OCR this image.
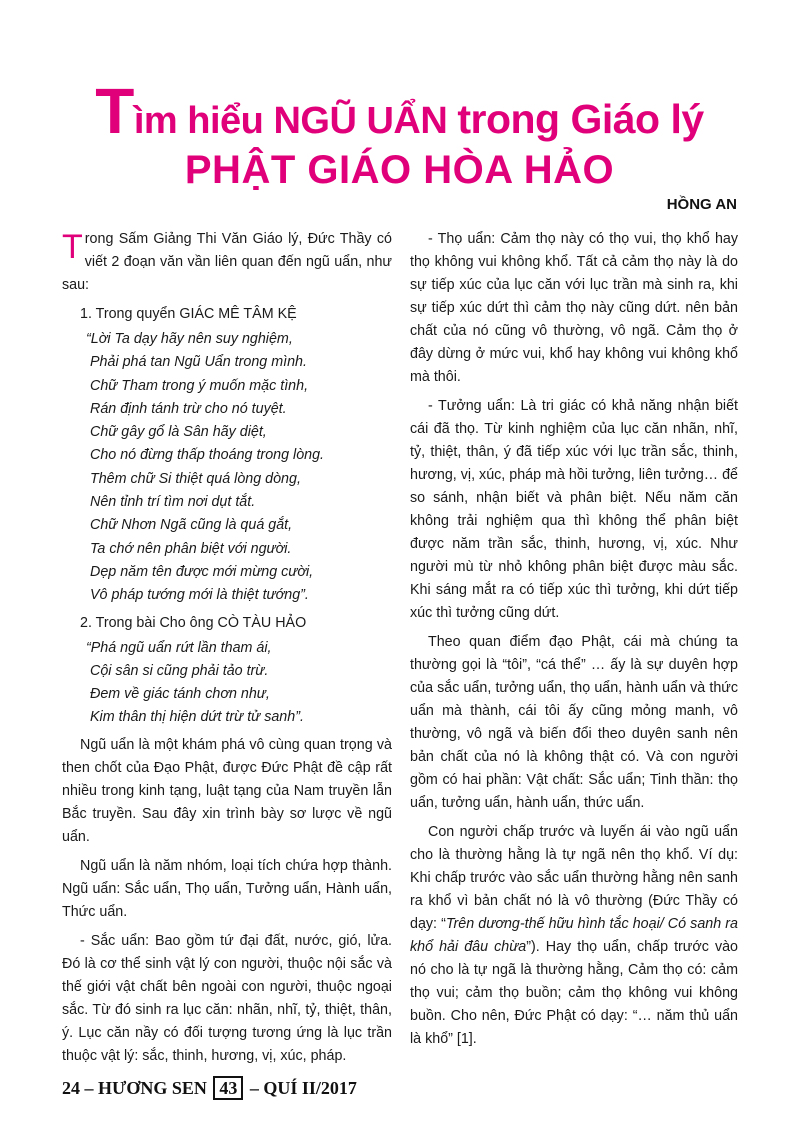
Tìm hiểu NGŨ UẨN trong Giáo lý
PHẬT GIÁO HÒA HẢO
HỒNG AN

Trong Sấm Giảng Thi Văn Giáo lý, Đức Thầy có viết 2 đoạn văn vần liên quan đến ngũ uẩn, như sau:

1. Trong quyển GIÁC MÊ TÂM KỆ
“Lời Ta dạy hãy nên suy nghiệm,
Phải phá tan Ngũ Uẩn trong mình.
Chữ Tham trong ý muốn mặc tình,
Rán định tánh trừ cho nó tuyệt.
Chữ gây gổ là Sân hãy diệt,
Cho nó đừng thấp thoáng trong lòng.
Thêm chữ Si thiệt quá lòng dòng,
Nên tỉnh trí tìm nơi dụt tắt.
Chữ Nhơn Ngã cũng là quá gắt,
Ta chớ nên phân biệt với người.
Dẹp năm tên được mới mừng cười,
Vô pháp tướng mới là thiệt tướng”.
2. Trong bài Cho ông CÒ TÀU HẢO
“Phá ngũ uẩn rứt lần tham ái,
Cội sân si cũng phải tảo trừ.
Đem về giác tánh chơn như,
Kim thân thị hiện dứt trừ tử sanh”.

Ngũ uẩn là một khám phá vô cùng quan trọng và then chốt của Đạo Phật, được Đức Phật đề cập rất nhiều trong kinh tạng, luật tạng của Nam truyền lẫn Bắc truyền. Sau đây xin trình bày sơ lược về ngũ uẩn.

Ngũ uẩn là năm nhóm, loại tích chứa hợp thành. Ngũ uẩn: Sắc uẩn, Thọ uẩn, Tưởng uẩn, Hành uẩn, Thức uẩn.

- Sắc uẩn: Bao gồm tứ đại đất, nước, gió, lửa. Đó là cơ thể sinh vật lý con người, thuộc nội sắc và thế giới vật chất bên ngoài con người, thuộc ngoại sắc. Từ đó sinh ra lục căn: nhãn, nhĩ, tỷ, thiệt, thân, ý. Lục căn nầy có đối tượng tương ứng là lục trần thuộc vật lý: sắc, thinh, hương, vị, xúc, pháp.

- Thọ uẩn: Cảm thọ này có thọ vui, thọ khổ hay thọ không vui không khổ. Tất cả cảm thọ này là do sự tiếp xúc của lục căn với lục trần mà sinh ra, khi sự tiếp xúc dứt thì cảm thọ này cũng dứt. nên bản chất của nó cũng vô thường, vô ngã. Cảm thọ ở đây dừng ở mức vui, khổ hay không vui không khổ mà thôi.

- Tưởng uẩn: Là tri giác có khả năng nhận biết cái đã thọ. Từ kinh nghiệm của lục căn nhãn, nhĩ, tỷ, thiệt, thân, ý đã tiếp xúc với lục trần sắc, thinh, hương, vị, xúc, pháp mà hồi tưởng, liên tưởng… để so sánh, nhận biết và phân biệt. Nếu năm căn không trải nghiệm qua thì không thể phân biệt được năm trần sắc, thinh, hương, vị, xúc. Như người mù từ nhỏ không phân biệt được màu sắc. Khi sáng mắt ra có tiếp xúc thì tưởng, khi dứt tiếp xúc thì tưởng cũng dứt.

Theo quan điểm đạo Phật, cái mà chúng ta thường gọi là “tôi”, “cá thể” … ấy là sự duyên hợp của sắc uẩn, tưởng uẩn, thọ uẩn, hành uẩn và thức uẩn mà thành, cái tôi ấy cũng mỏng manh, vô thường, vô ngã và biến đổi theo duyên sanh nên bản chất của nó là không thật có. Và con người gồm có hai phần: Vật chất: Sắc uẩn; Tinh thần: thọ uẩn, tưởng uẩn, hành uẩn, thức uẩn.

Con người chấp trước và luyến ái vào ngũ uẩn cho là thường hằng là tự ngã nên thọ khổ. Ví dụ: Khi chấp trước vào sắc uẩn thường hằng nên sanh ra khổ vì bản chất nó là vô thường (Đức Thầy có dạy: “Trên dương-thế hữu hình tắc hoại/ Có sanh ra khổ hải đâu chừa”). Hay thọ uẩn, chấp trước vào nó cho là tự ngã là thường hằng, Cảm thọ có: cảm thọ vui; cảm thọ buồn; cảm thọ không vui không buồn. Cho nên, Đức Phật có dạy: “… năm thủ uẩn là khổ” [1].

24 – HƯƠNG SEN 43 – QUÍ II/2017
